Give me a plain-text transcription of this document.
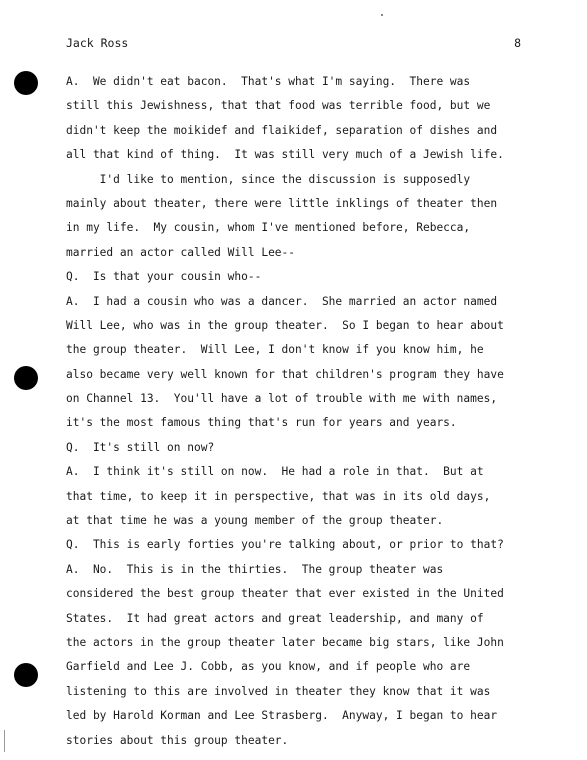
Jack Ross	8
A.  We didn't eat bacon.  That's what I'm saying.  There was
still this Jewishness, that that food was terrible food, but we
didn't keep the moikidef and flaikidef, separation of dishes and
all that kind of thing.  It was still very much of a Jewish life.
I'd like to mention, since the discussion is supposedly
mainly about theater, there were little inklings of theater then
in my life.  My cousin, whom I've mentioned before, Rebecca,
married an actor called Will Lee--
Q.  Is that your cousin who--
A.  I had a cousin who was a dancer.  She married an actor named
Will Lee, who was in the group theater.  So I began to hear about
the group theater.  Will Lee, I don't know if you know him, he
also became very well known for that children's program they have
on Channel 13.  You'll have a lot of trouble with me with names,
it's the most famous thing that's run for years and years.
Q.  It's still on now?
A.  I think it's still on now.  He had a role in that.  But at
that time, to keep it in perspective, that was in its old days,
at that time he was a young member of the group theater.
Q.  This is early forties you're talking about, or prior to that?
A.  No.  This is in the thirties.  The group theater was
considered the best group theater that ever existed in the United
States.  It had great actors and great leadership, and many of
the actors in the group theater later became big stars, like John
Garfield and Lee J. Cobb, as you know, and if people who are
listening to this are involved in theater they know that it was
led by Harold Korman and Lee Strasberg.  Anyway, I began to hear
stories about this group theater.
